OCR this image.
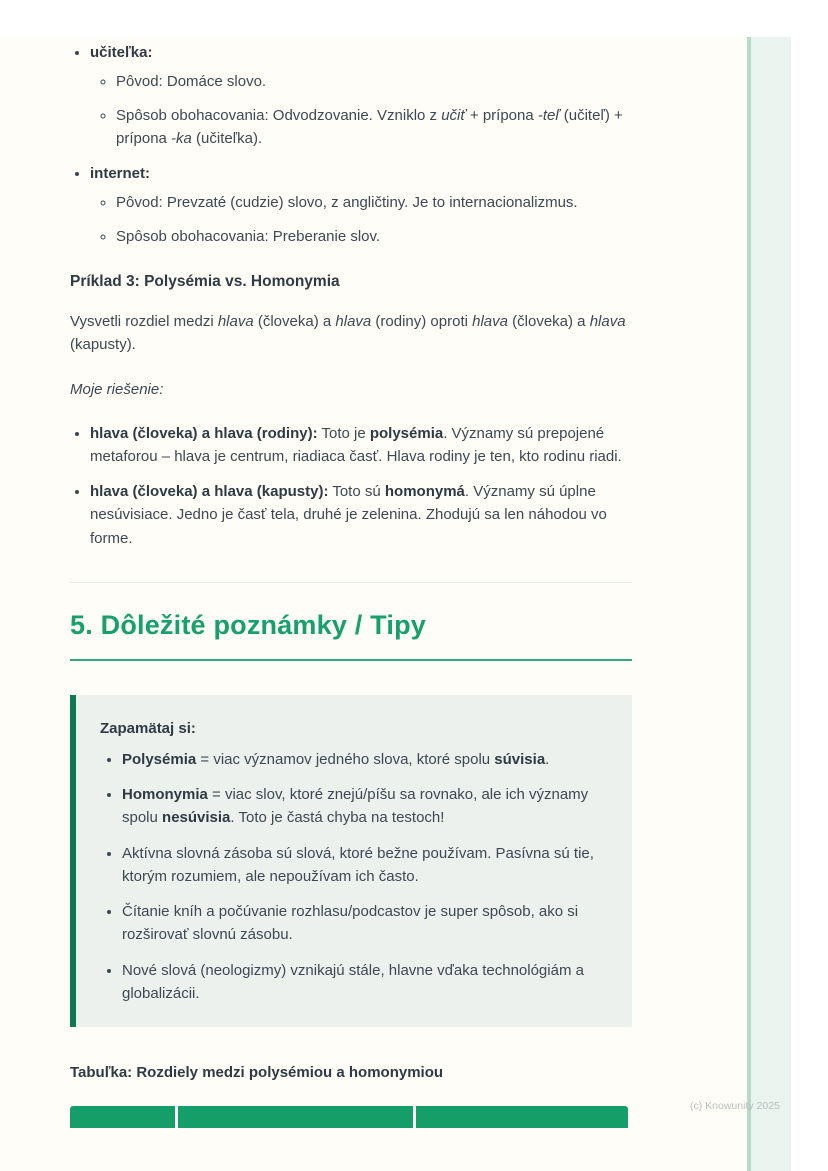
• učiteľka:
◦ Pôvod: Domáce slovo.
◦ Spôsob obohacovania: Odvodzovanie. Vzniklo z učiť + prípona -teľ (učiteľ) + prípona -ka (učiteľka).
• internet:
◦ Pôvod: Prevzaté (cudzie) slovo, z angličtiny. Je to internacionalizmus.
◦ Spôsob obohacovania: Preberanie slov.
Príklad 3: Polysémia vs. Homonymia

Vysvetli rozdiel medzi hlava (človeka) a hlava (rodiny) oproti hlava (človeka) a hlava (kapusty).

Moje riešenie:
• hlava (človeka) a hlava (rodiny): Toto je polysémia. Významy sú prepojené metaforou – hlava je centrum, riadiaca časť. Hlava rodiny je ten, kto rodinu riadi.
• hlava (človeka) a hlava (kapusty): Toto sú homonymá. Významy sú úplne nesúvisiace. Jedno je časť tela, druhé je zelenina. Zhodujú sa len náhodou vo forme.
5. Dôležité poznámky / Tipy
Zapamätaj si:
• Polysémia = viac významov jedného slova, ktoré spolu súvisia.
• Homonymia = viac slov, ktoré znejú/píšu sa rovnako, ale ich významy spolu nesúvisia. Toto je častá chyba na testoch!
• Aktívna slovná zásoba sú slová, ktoré bežne používam. Pasívna sú tie, ktorým rozumiem, ale nepoužívam ich často.
• Čítanie kníh a počúvanie rozhlasu/podcastov je super spôsob, ako si rozširovať slovnú zásobu.
• Nové slová (neologizmy) vznikajú stále, hlavne vďaka technológiám a globalizácii.
Tabuľka: Rozdiely medzi polysémiou a homonymiou
(c) Knowunity 2025
